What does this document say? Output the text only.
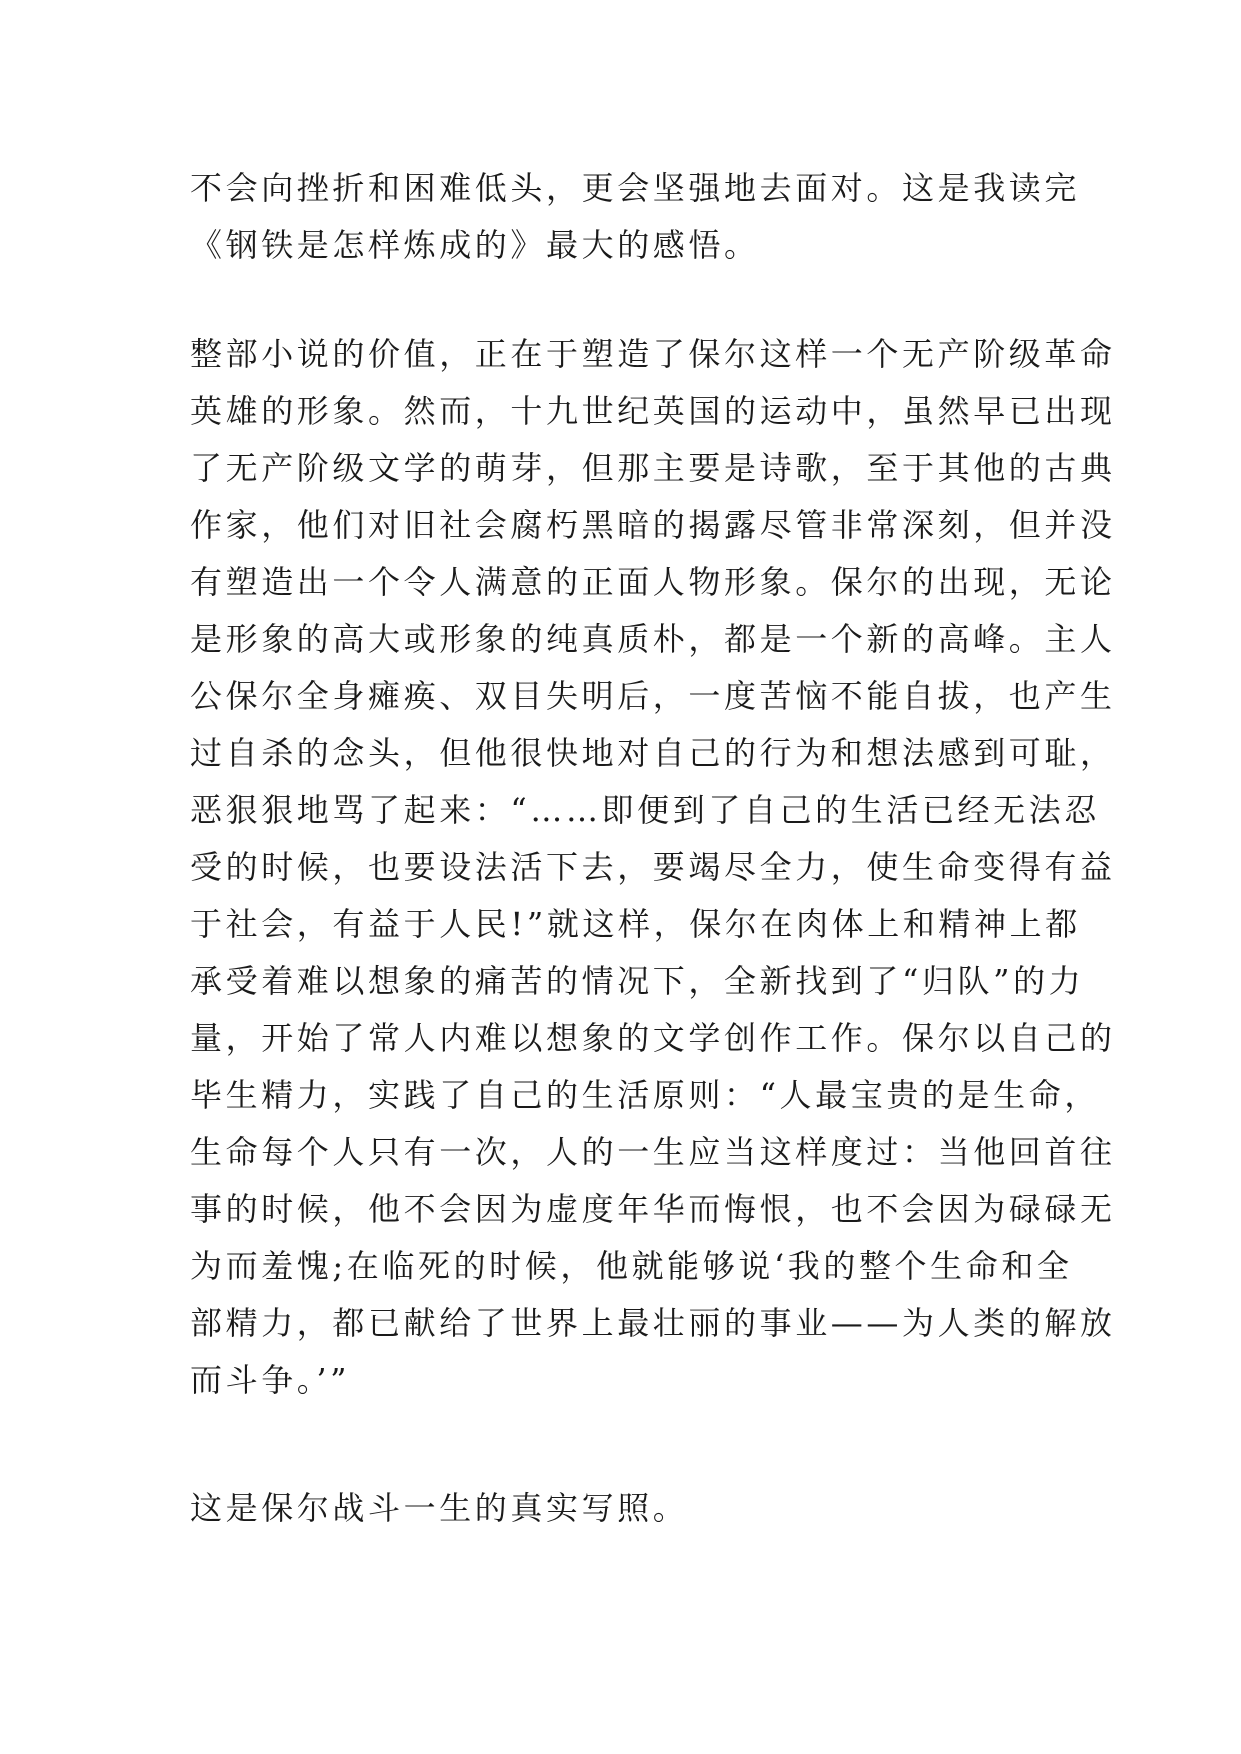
不会向挫折和困难低头，更会坚强地去面对。这是我读完
《钢铁是怎样炼成的》最大的感悟。
整部小说的价值，正在于塑造了保尔这样一个无产阶级革命
英雄的形象。然而，十九世纪英国的运动中，虽然早已出现
了无产阶级文学的萌芽，但那主要是诗歌，至于其他的古典
作家，他们对旧社会腐朽黑暗的揭露尽管非常深刻，但并没
有塑造出一个令人满意的正面人物形象。保尔的出现，无论
是形象的高大或形象的纯真质朴，都是一个新的高峰。主人
公保尔全身瘫痪、双目失明后，一度苦恼不能自拔，也产生
过自杀的念头，但他很快地对自己的行为和想法感到可耻，
恶狠狠地骂了起来：“……即便到了自己的生活已经无法忍
受的时候，也要设法活下去，要竭尽全力，使生命变得有益
于社会，有益于人民!”就这样，保尔在肉体上和精神上都
承受着难以想象的痛苦的情况下，全新找到了“归队”的力
量，开始了常人内难以想象的文学创作工作。保尔以自己的
毕生精力，实践了自己的生活原则：“人最宝贵的是生命，
生命每个人只有一次，人的一生应当这样度过：当他回首往
事的时候，他不会因为虚度年华而悔恨，也不会因为碌碌无
为而羞愧;在临死的时候，他就能够说‘我的整个生命和全
部精力，都已献给了世界上最壮丽的事业——为人类的解放
而斗争。’”
这是保尔战斗一生的真实写照。
